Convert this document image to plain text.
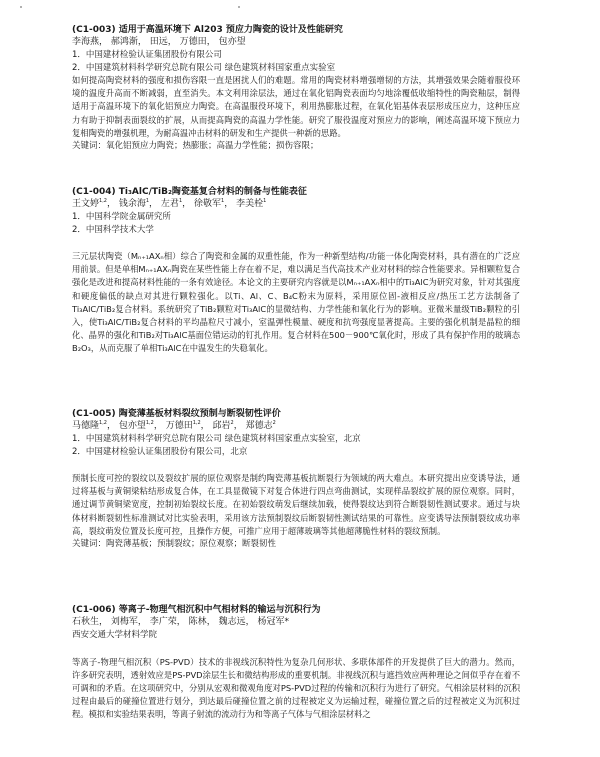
(C1-003) 适用于高温环境下 Al203 预应力陶瓷的设计及性能研究
李海燕， 郝鸿渐， 田远， 万德田， 包亦望
1．中国建材检验认证集团股份有限公司
2．中国建筑材料科学研究总院有限公司 绿色建筑材料国家重点实验室
如何提高陶瓷材料的强度和损伤容限一直是困扰人们的难题。常用的陶瓷材料增强增韧的方法，其增强效果会随着服役环境的温度升高而不断减弱，直至消失。本文利用涂层法，通过在氧化铝陶瓷表面均匀地涂覆低收缩特性的陶瓷釉层，制得适用于高温环境下的氧化铝预应力陶瓷。在高温服役环境下，利用热膨胀过程，在氧化铝基体表层形成压应力，这种压应力有助于抑制表面裂纹的扩展，从而提高陶瓷的高温力学性能。研究了服役温度对预应力的影响，阐述高温环境下预应力复相陶瓷的增强机理，为耐高温冲击材料的研发和生产提供一种新的思路。
关键词：氧化铝预应力陶瓷；热膨胀；高温力学性能；损伤容限；
(C1-004) Ti₃AlC/TiB₂陶瓷基复合材料的制备与性能表征
王文婷$^{1,2}$， 钱余海$^1$， 左君$^1$， 徐敬军$^1$， 李美栓$^1$
1．中国科学院金属研究所
2．中国科学技术大学
三元层状陶瓷（Mₙ₊₁AXₙ相）综合了陶瓷和金属的双重性能，作为一种新型结构/功能一体化陶瓷材料，具有潜在的广泛应用前景。但是单相Mₙ₊₁AXₙ陶瓷在某些性能上存在着不足，难以满足当代高技术产业对材料的综合性能要求。异相颗粒复合强化是改进和提高材料性能的一条有效途径。本论文的主要研究内容就是以Mₙ₊₁AXₙ相中的Ti₃AlC为研究对象，针对其强度和硬度偏低的缺点对其进行颗粒强化。以Ti、Al、C、B₄C粉末为原料，采用原位固-液相反应/热压工艺方法制备了Ti₃AlC/TiB₂复合材料。系统研究了TiB₂颗粒对Ti₃AlC的显微结构、力学性能和氧化行为的影响。亚微米量级TiB₂颗粒的引入，使Ti₃AlC/TiB₂复合材料的平均晶粒尺寸减小，室温弹性模量、硬度和抗弯强度显著提高。主要的强化机制是晶粒的细化、晶界的强化和TiB₂对Ti₃AlC基面位错运动的钉扎作用。复合材料在500－900℃氧化时，形成了具有保护作用的玻璃态B₂O₃，从而克服了单相Ti₃AlC在中温发生的失稳氧化。
(C1-005) 陶瓷薄基板材料裂纹预制与断裂韧性评价
马德隆$^{1,2}$， 包亦望$^{1,2}$， 万德田$^{1,2}$， 邱岩$^2$， 郑德志$^2$
1．中国建筑材料科学研究总院有限公司 绿色建筑材料国家重点实验室，北京
2．中国建材检验认证集团股份有限公司，北京
预制长度可控的裂纹以及裂纹扩展的原位观察是制约陶瓷薄基板抗断裂行为领域的两大难点。本研究提出应变诱导法，通过将基板与黄铜梁粘结形成复合体，在工具显微镜下对复合体进行四点弯曲测试，实现样品裂纹扩展的原位观察。同时，通过调节黄铜梁宽度，控制初始裂纹长度。在初始裂纹萌发后继续加载，使得裂纹达到符合断裂韧性测试要求。通过与块体材料断裂韧性标准测试对比实验表明，采用该方法预制裂纹后断裂韧性测试结果的可靠性。应变诱导法预制裂纹成功率高，裂纹萌发位置及长度可控，且操作方便，可推广应用于超薄玻璃等其他超薄脆性材料的裂纹预制。
关键词：陶瓷薄基板；预制裂纹；原位观察；断裂韧性
(C1-006) 等离子-物理气相沉积中气相材料的输运与沉积行为
石秋生， 刘梅军， 李广荣， 陈林， 魏志远， 杨冠军*
西安交通大学材料学院
等离子-物理气相沉积（PS-PVD）技术的非视线沉积特性为复杂几何形状、多联体部件的开发提供了巨大的潜力。然而，许多研究表明，透射效应是PS-PVD涂层生长和微结构形成的重要机制。非视线沉积与遮挡效应两种理论之间似乎存在着不可调和的矛盾。在这项研究中，分别从宏观和微观角度对PS-PVD过程的传输和沉积行为进行了研究。气相涂层材料的沉积过程由最后的碰撞位置进行划分，到达最后碰撞位置之前的过程被定义为运输过程，碰撞位置之后的过程被定义为沉积过程。模拟和实验结果表明，等离子射流的流动行为和等离子气体与气相涂层材料之
